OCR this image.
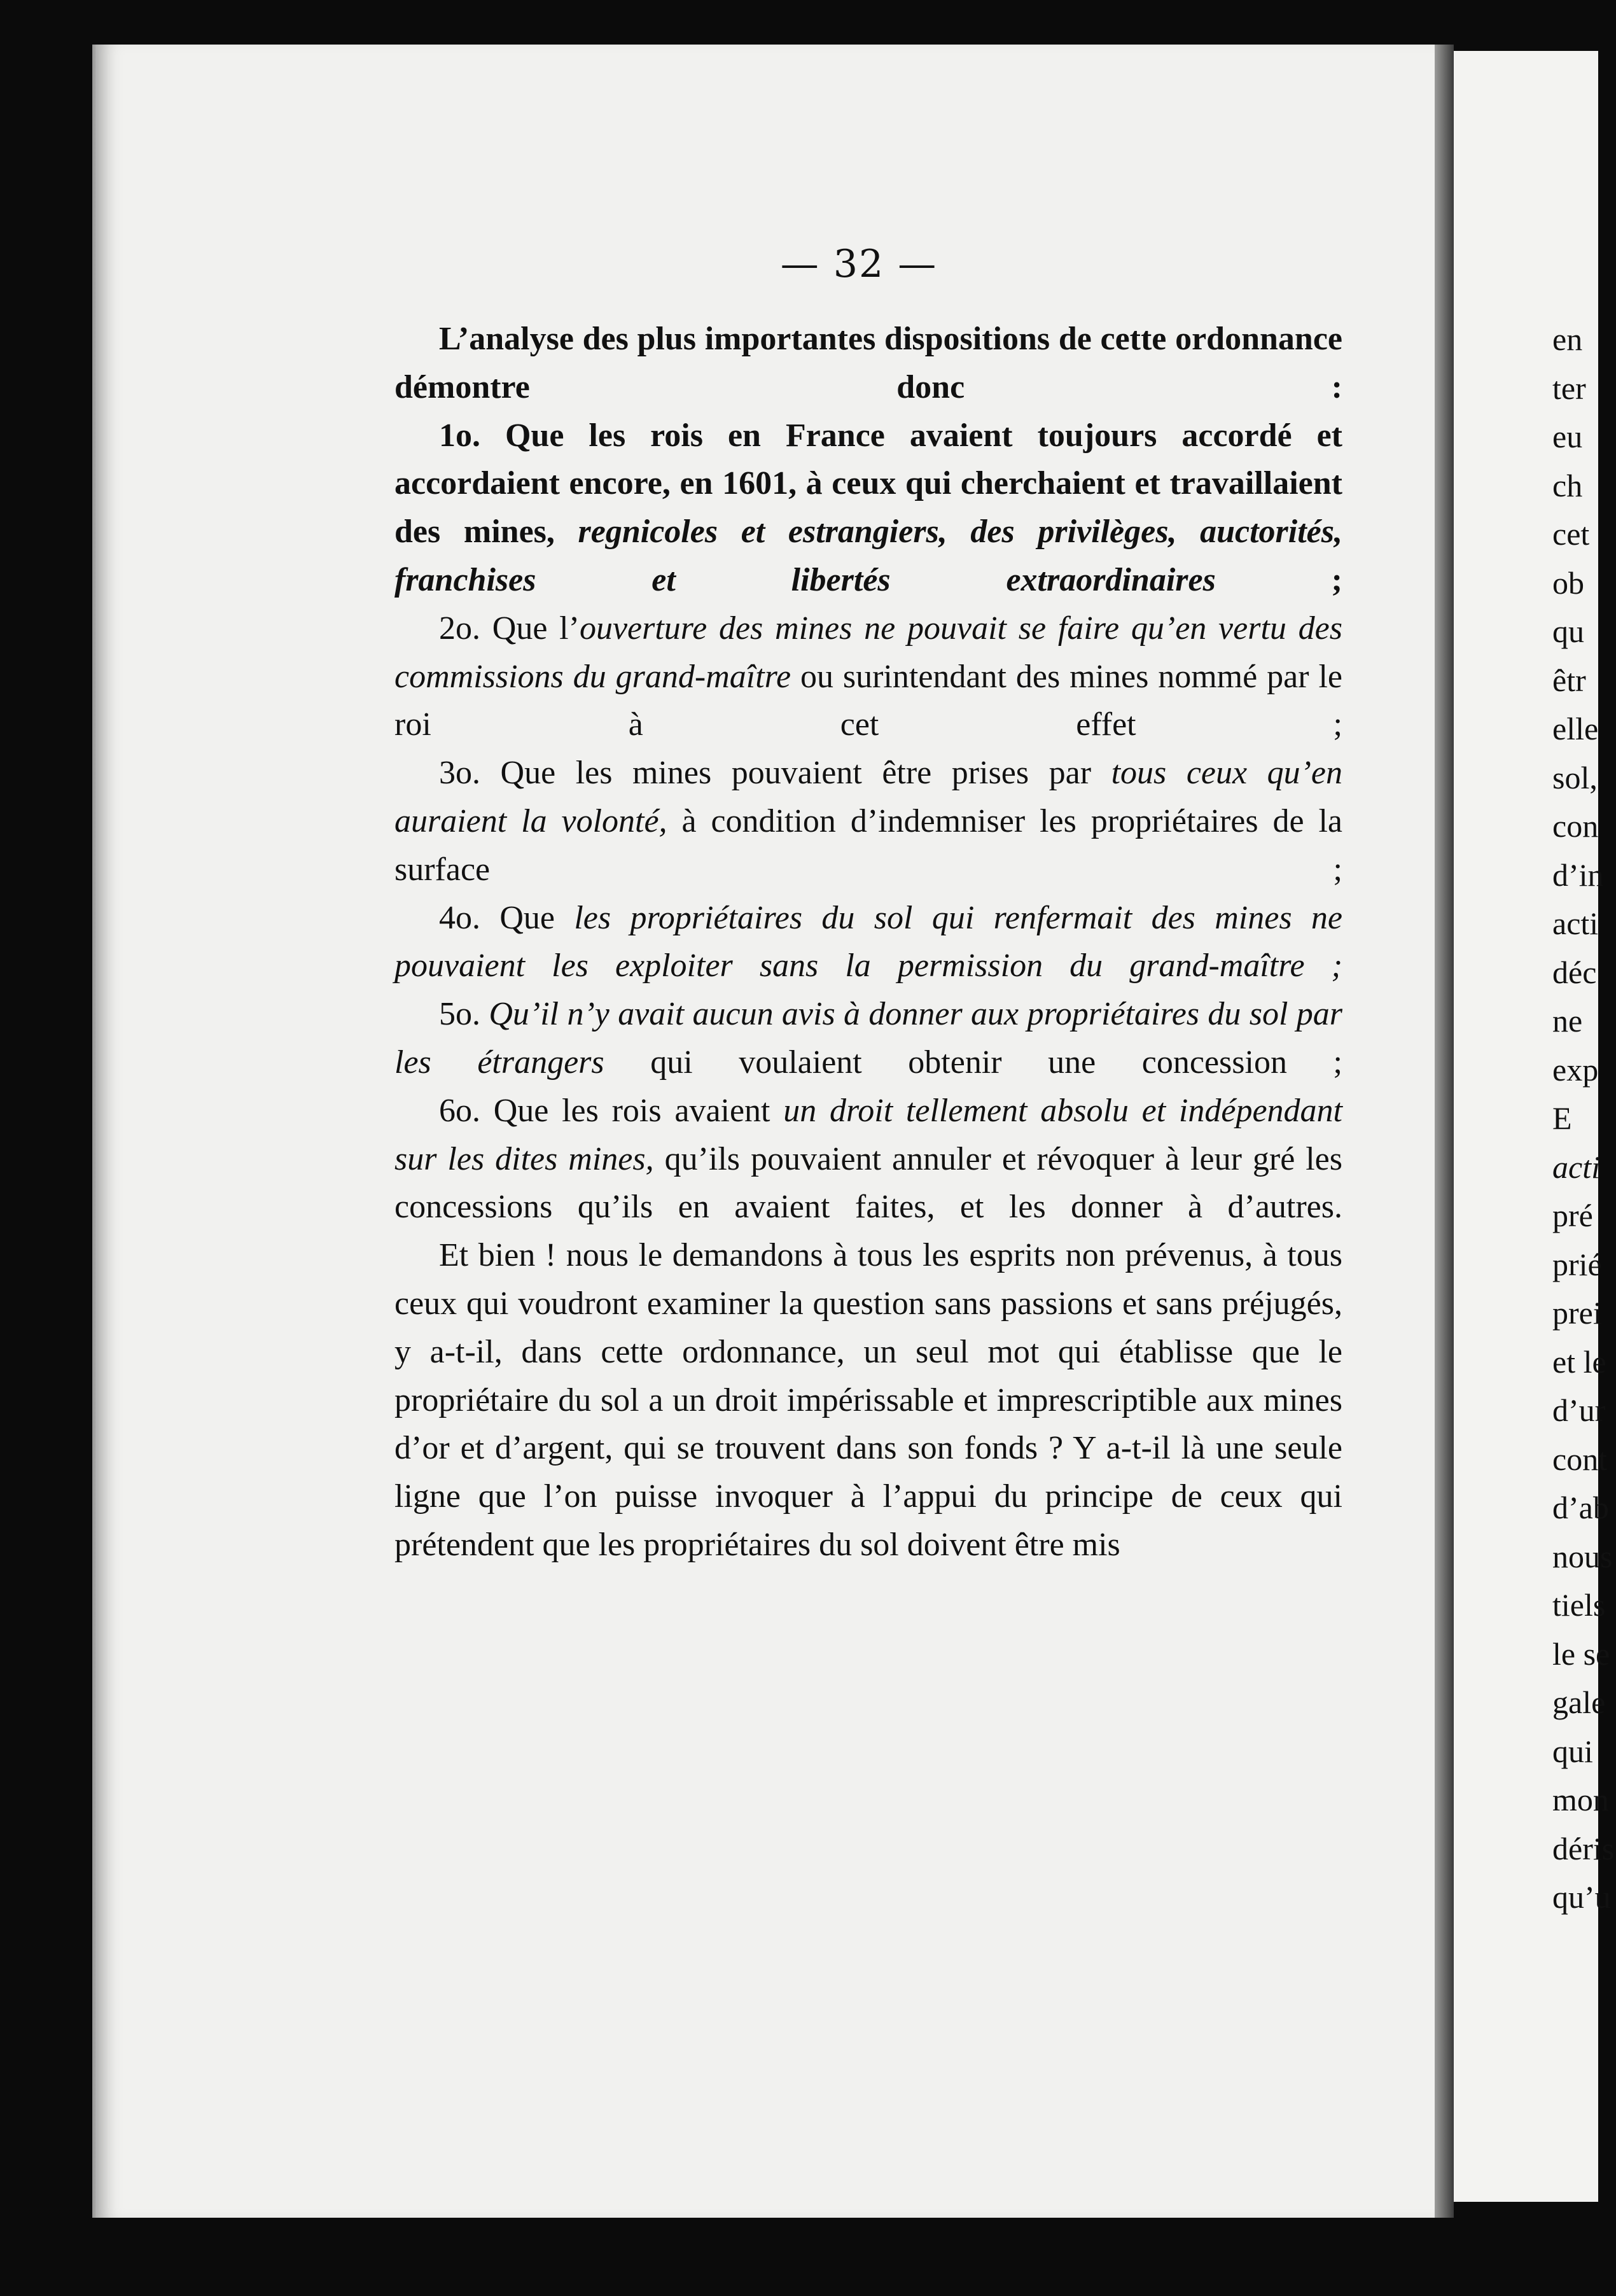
— 32 —

L’analyse des plus importantes dispositions de cette ordonnance démontre donc :

1o. Que les rois en France avaient toujours accordé et accordaient encore, en 1601, à ceux qui cherchaient et travaillaient des mines, regnicoles et estrangiers, des privilèges, auctorités, franchises et libertés extraordinaires ;

2o. Que l’ouverture des mines ne pouvait se faire qu’en vertu des commissions du grand-maître ou surintendant des mines nommé par le roi à cet effet ;

3o. Que les mines pouvaient être prises par tous ceux qu’en auraient la volonté, à condition d’indemniser les propriétaires de la surface ;

4o. Que les propriétaires du sol qui renfermait des mines ne pouvaient les exploiter sans la permission du grand-maître ;

5o. Qu’il n’y avait aucun avis à donner aux propriétaires du sol par les étrangers qui voulaient obtenir une concession ;

6o. Que les rois avaient un droit tellement absolu et indépendant sur les dites mines, qu’ils pouvaient annuler et révoquer à leur gré les concessions qu’ils en avaient faites, et les donner à d’autres.

Et bien ! nous le demandons à tous les esprits non prévenus, à tous ceux qui voudront examiner la question sans passions et sans préjugés, y a-t-il, dans cette ordonnance, un seul mot qui établisse que le propriétaire du sol a un droit impérissable et imprescriptible aux mines d’or et d’argent, qui se trouvent dans son fonds ? Y a-t-il là une seule ligne que l’on puisse invoquer à l’appui du principe de ceux qui prétendent que les propriétaires du sol doivent être mis

en
ter
eu
ch
cet
ob
qu
êtr
elle
sol,
con
d’in
acti
déc
ne
exp
E
acti
pré
prié
prei
et le
d’ur
cont
d’ab
nous
tiels
le se
gale
qui
mon
déris
qu’u
